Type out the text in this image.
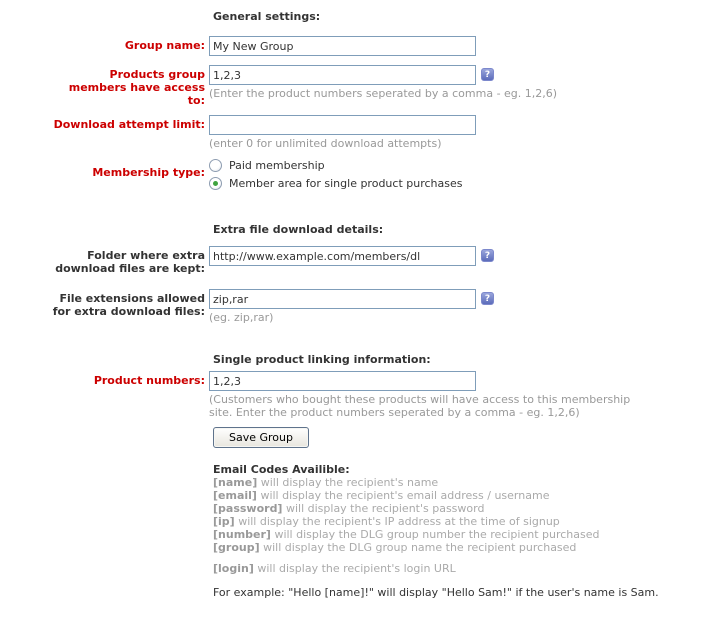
General settings:
Group name:
My New Group
Products group members have access to:
1,2,3?
(Enter the product numbers seperated by a comma - eg. 1,2,6)
Download attempt limit:
(enter 0 for unlimited download attempts)
Membership type:
Paid membership
Member area for single product purchases
Extra file download details:
Folder where extra download files are kept:
http://www.example.com/members/dl?
File extensions allowed for extra download files:
zip,rar?
(eg. zip,rar)
Single product linking information:
Product numbers:
1,2,3
(Customers who bought these products will have access to this membership site. Enter the product numbers seperated by a comma - eg. 1,2,6)
Save Group
Email Codes Availible:
[name] will display the recipient's name
[email] will display the recipient's email address / username
[password] will display the recipient's password
[ip] will display the recipient's IP address at the time of signup
[number] will display the DLG group number the recipient purchased
[group] will display the DLG group name the recipient purchased
[login] will display the recipient's login URL
For example: "Hello [name]!" will display "Hello Sam!" if the user's name is Sam.
